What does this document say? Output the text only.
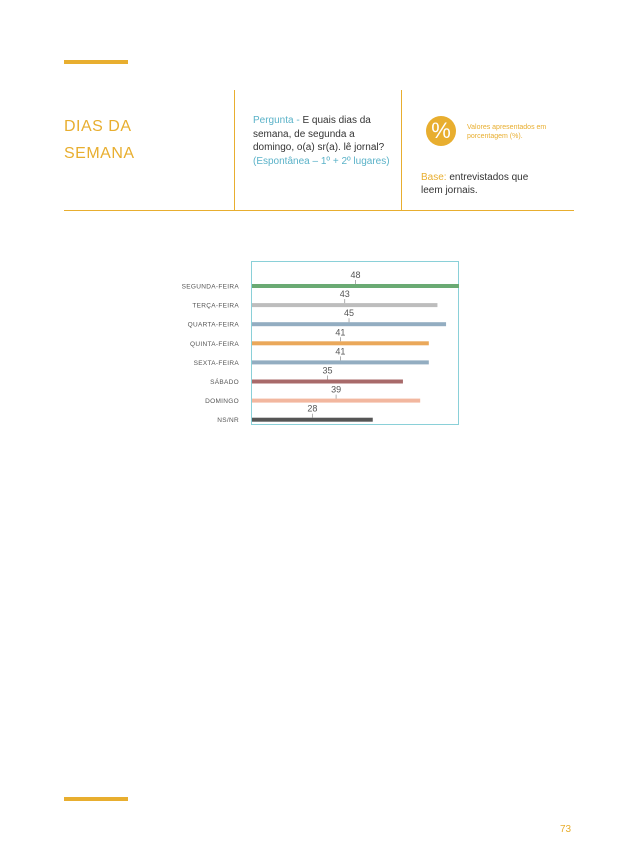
DIAS DA
SEMANA
Pergunta - E quais dias da semana, de segunda a domingo, o(a) sr(a). lê jornal? (Espontânea – 1º + 2º lugares)
%	Valores apresentados em porcentagem (%).
Base: entrevistados que leem jornais.
48
SEGUNDA-FEIRA
43
TERÇA-FEIRA
45
QUARTA-FEIRA
41
QUINTA-FEIRA
41
SEXTA-FEIRA
35
SÁBADO
39
DOMINGO
28
NS/NR
73
